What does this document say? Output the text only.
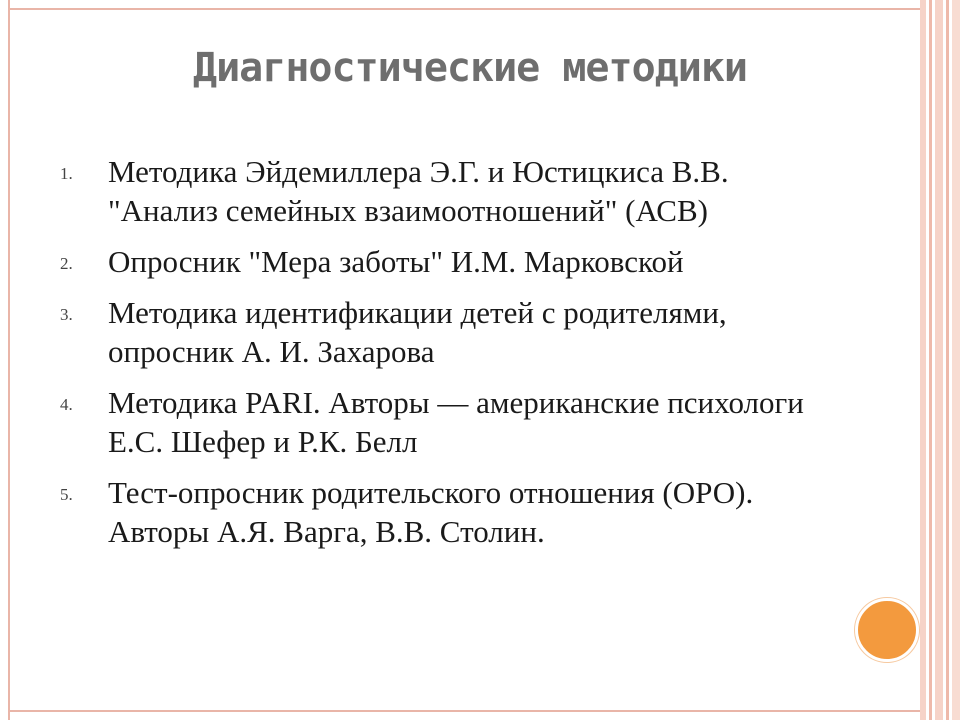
Диагностические методики
1. Методика Эйдемиллера Э.Г. и Юстицкиса В.В. "Анализ семейных взаимоотношений" (АСВ)
2. Опросник "Мера заботы" И.М. Марковской
3. Методика идентификации детей с родителями, опросник А. И. Захарова
4. Методика PARI. Авторы — американские психологи Е.С. Шефер и Р.К. Белл
5. Тест-опросник родительского отношения (ОРО). Авторы А.Я. Варга, В.В. Столин.
